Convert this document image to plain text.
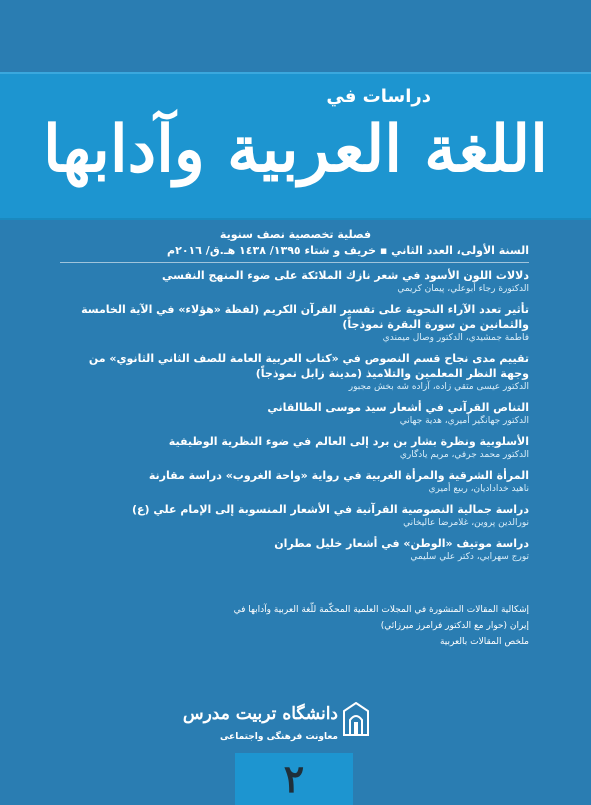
دراسات في
اللغة العربية وآدابها
فصلية تخصصية نصف سنوية
السنة الأولى، العدد الثاني ▪ خريف و شتاء ١٣٩٥/ ١٤٣٨ هـ.ق/ ٢٠١٦م
دلالات اللون الأسود في شعر نازك الملائكة على ضوء المنهج النفسي
الدكتورة رجاء أبوعلي، پيمان كريمي
تأثير تعدد الآراء النحوية على تفسير القرآن الكريم (لفظة «هؤلاء» في الآية الخامسة والثمانين من سورة البقرة نموذجاً)
فاطمة جمشيدي، الدكتور وصال ميمندي
تقييم مدى نجاح قسم النصوص في «كتاب العربية العامة للصف الثاني الثانوي» من وجهة النظر المعلمين والتلاميذ (مدينة زابل نموذجاً)
الدكتور عيسى متقي زاده، آزاده شه بخش مجبور
التناص القرآني في أشعار سيد موسى الطالقاني
الدكتور جهانگير أميري، هدية جهاني
الأسلوبية ونظرة بشار بن برد إلى العالم في ضوء النظرية الوظيفية
الدكتور محمد جرفي، مريم يادگاري
المرأة الشرقية والمرأة الغربية في رواية «واحة الغروب» دراسة مقارنة
ناهيد خدادادیان، ربیع أميري
دراسة جمالية النصوصية القرآنية في الأشعار المنسوبة إلى الإمام علي (ع)
نورالدين پروين، غلامرضا عاليخاني
دراسة موتيف «الوطن» في أشعار خليل مطران
تورج سهرابي، دكتر علي سليمي
إشكالية المقالات المنشورة في المجلات العلمية المحكّمة للّغة العربية وآدابها في
إيران (حوار مع الدكتور فرامرز ميرزائي)
ملخص المقالات بالعربية
دانشگاه تربیت مدرس
معاونت فرهنگی واجتماعی
٢
